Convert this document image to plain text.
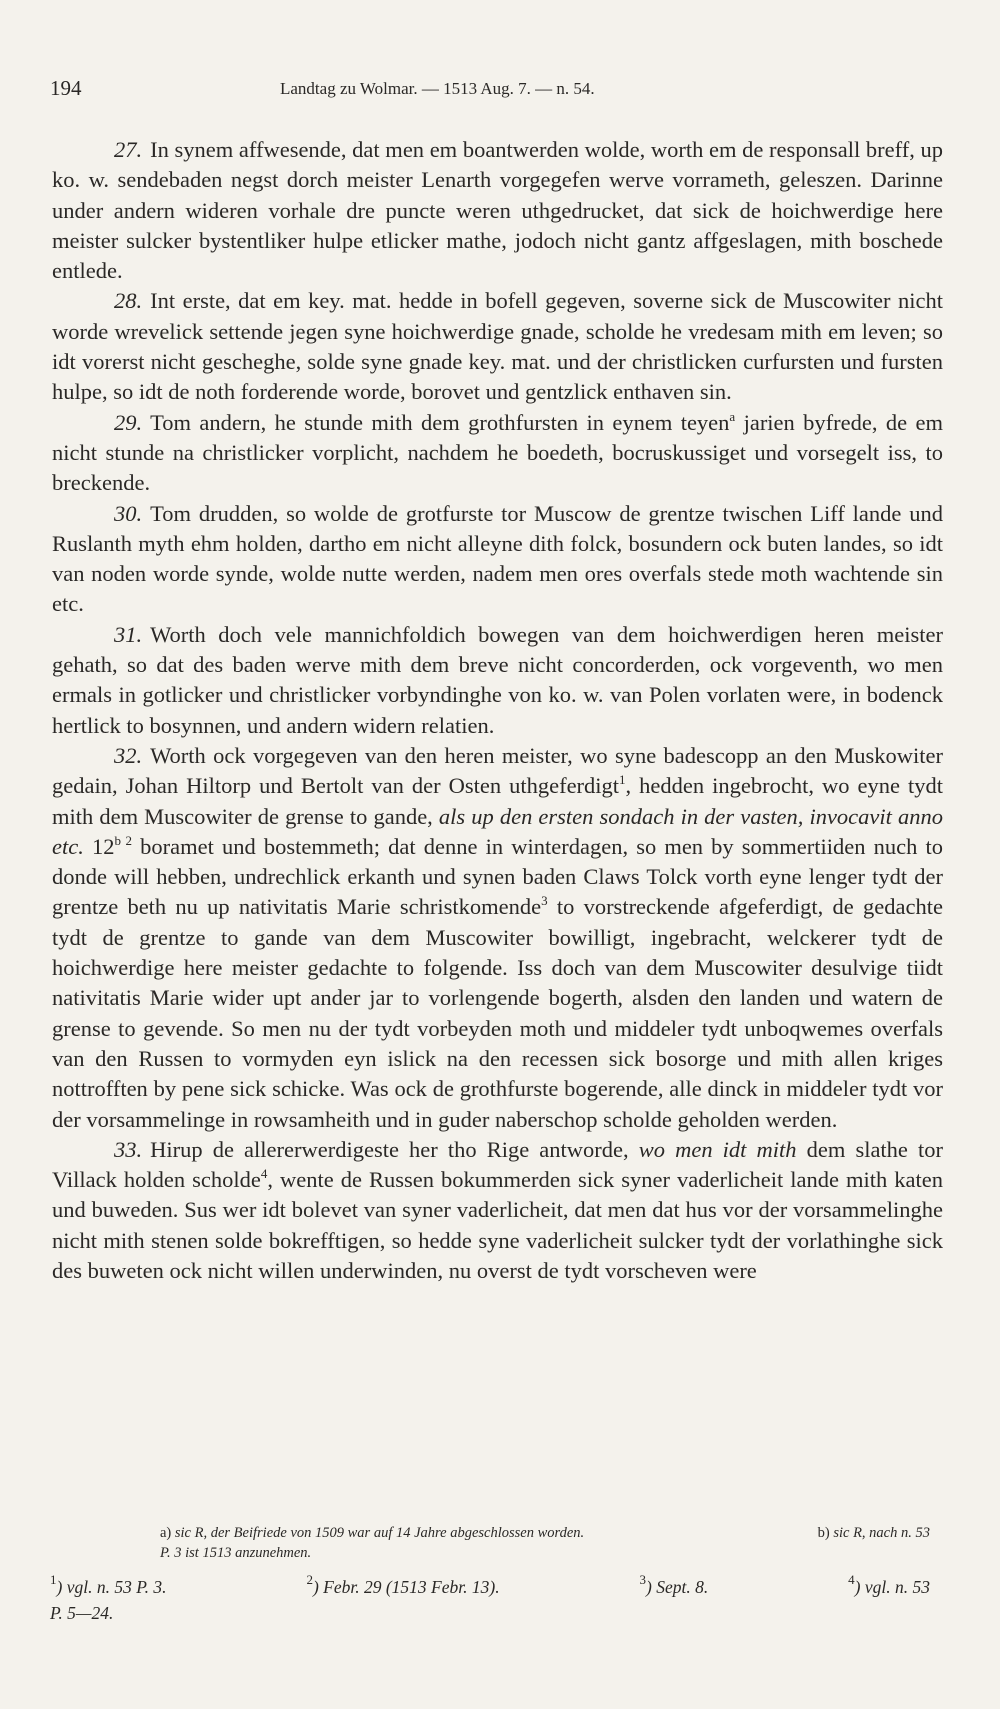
194	Landtag zu Wolmar. — 1513 Aug. 7. — n. 54.

27. In synem affwesende, dat men em boantwerden wolde, worth em de responsall breff, up ko. w. sendebaden negst dorch meister Lenarth vorgegefen werve vorrameth, geleszen. Darinne under andern wideren vorhale dre puncte weren uthgedrucket, dat sick de hoichwerdige here meister sulcker bystentliker hulpe etlicker mathe, jodoch nicht gantz affgeslagen, mith boschede entlede.

28. Int erste, dat em key. mat. hedde in bofell gegeven, soverne sick de Muscowiter nicht worde wrevelick settende jegen syne hoichwerdige gnade, scholde he vredesam mith em leven; so idt vorerst nicht gescheghe, solde syne gnade key. mat. und der christlicken curfursten und fursten hulpe, so idt de noth forderende worde, borovet und gentzlick enthaven sin.

29. Tom andern, he stunde mith dem grothfursten in eynem teyen$^a$ jarien byfrede, de em nicht stunde na christlicker vorplicht, nachdem he boedeth, bocruskussiget und vorsegelt iss, to breckende.

30. Tom drudden, so wolde de grotfurste tor Muscow de grentze twischen Liff lande und Ruslanth myth ehm holden, dartho em nicht alleyne dith folck, bosundern ock buten landes, so idt van noden worde synde, wolde nutte werden, nadem men ores overfals stede moth wachtende sin etc.

31. Worth doch vele mannichfoldich bowegen van dem hoichwerdigen heren meister gehath, so dat des baden werve mith dem breve nicht concorderden, ock vorgeventh, wo men ermals in gotlicker und christlicker vorbyndinghe von ko. w. van Polen vorlaten were, in bodenck hertlick to bosynnen, und andern widern relatien.

32. Worth ock vorgegeven van den heren meister, wo syne badescopp an den Muskowiter gedain, Johan Hiltorp und Bertolt van der Osten uthgeferdigt$^1$, hedden ingebrocht, wo eyne tydt mith dem Muscowiter de grense to gande, als up den ersten sondach in der vasten, invocavit anno etc. 12$^b$  $^2$ boramet und bostemmeth; dat denne in winterdagen, so men by sommertiiden nuch to donde will hebben, undrechlick erkanth und synen baden Claws Tolck vorth eyne lenger tydt der grentze beth nu up nativitatis Marie schristkomende$^3$ to vorstreckende afgeferdigt, de gedachte tydt de grentze to gande van dem Muscowiter bowilligt, ingebracht, welckerer tydt de hoichwerdige here meister gedachte to folgende. Iss doch van dem Muscowiter desulvige tiidt nativitatis Marie wider upt ander jar to vorlengende bogerth, alsden den landen und watern de grense to gevende. So men nu der tydt vorbeyden moth und middeler tydt unboqwemes overfals van den Russen to vormyden eyn islick na den recessen sick bosorge und mith allen kriges nottrofften by pene sick schicke. Was ock de grothfurste bogerende, alle dinck in middeler tydt vor der vorsammelinge in rowsamheith und in guder naberschop scholde geholden werden.

33. Hirup de allererwerdigeste her tho Rige antworde, wo men idt mith dem slathe tor Villack holden scholde$^4$, wente de Russen bokummerden sick syner vaderlicheit lande mith katen und buweden. Sus wer idt bolevet van syner vaderlicheit, dat men dat hus vor der vorsammelinghe nicht mith stenen solde bokrefftigen, so hedde syne vaderlicheit sulcker tydt der vorlathinghe sick des buweten ock nicht willen underwinden, nu overst de tydt vorscheven were

a) sic R, der Beifriede von 1509 war auf 14 Jahre abgeschlossen worden.	b) sic R, nach n. 53
P. 3 ist 1513 anzunehmen.
$^1$) vgl. n. 53 P. 3.	$^2$) Febr. 29 (1513 Febr. 13).	$^3$) Sept. 8.	$^4$) vgl. n. 53
P. 5—24.
